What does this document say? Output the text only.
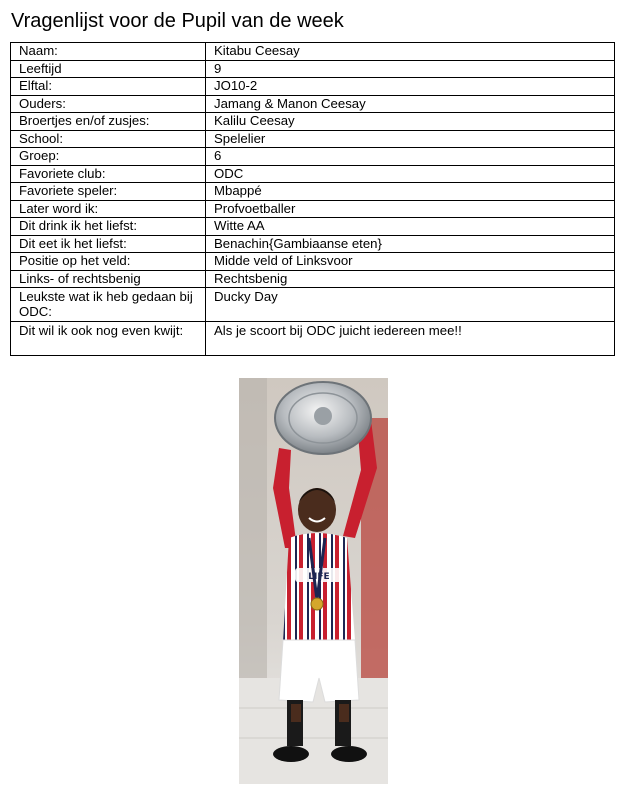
Vragenlijst voor de Pupil van de week
Naam:	Kitabu Ceesay
Leeftijd	9
Elftal:	JO10-2
Ouders:	Jamang & Manon Ceesay
Broertjes en/of zusjes:	Kalilu Ceesay
School:	Spelelier
Groep:	6
Favoriete club:	ODC
Favoriete speler:	Mbappé
Later word ik:	Profvoetballer
Dit drink ik het liefst:	Witte AA
Dit eet ik het liefst:	Benachin{Gambiaanse eten}
Positie op het veld:	Midde veld of Linksvoor
Links- of rechtsbenig	Rechtsbenig
Leukste wat ik heb gedaan bij ODC:	Ducky Day
Dit wil ik ook nog even kwijt:	Als je scoort bij ODC juicht iedereen mee!!
LIFE
